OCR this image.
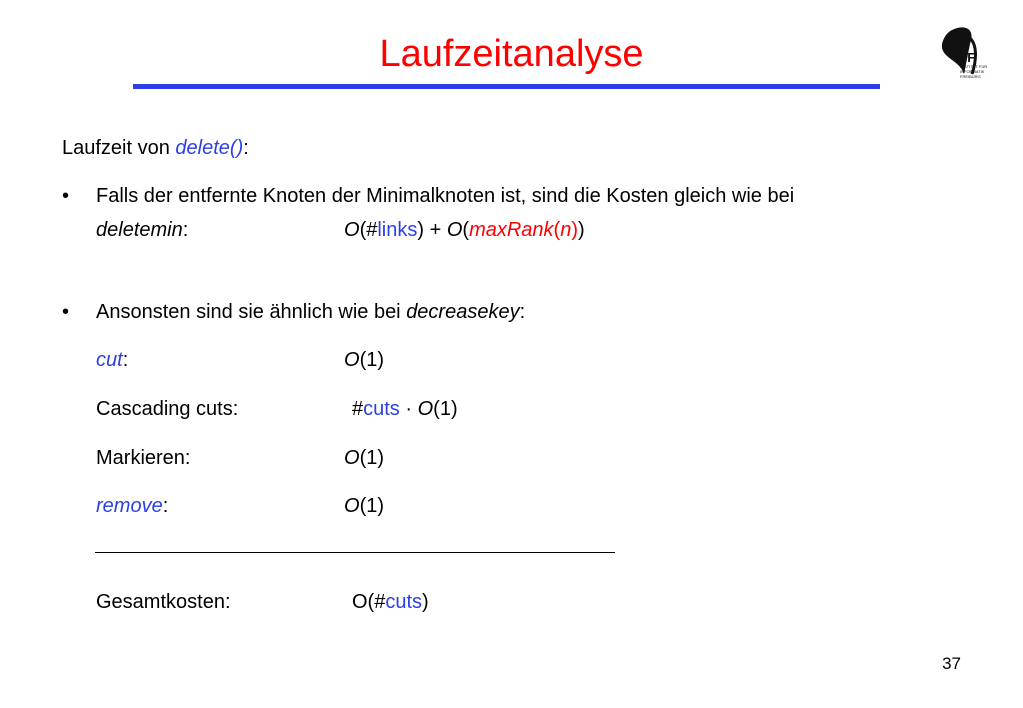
Laufzeitanalyse	IIF
INSTITUT FÜR
INFORMATIK
FREIBURG
Laufzeit von delete():
• Falls der entfernte Knoten der Minimalknoten ist, sind die Kosten gleich wie bei
deletemin:	O(#links) + O(maxRank(n))
• Ansonsten sind sie ähnlich wie bei decreasekey:
cut:	O(1)
Cascading cuts:	#cuts · O(1)
Markieren:	O(1)
remove:	O(1)
Gesamtkosten:	O(#cuts)
37
